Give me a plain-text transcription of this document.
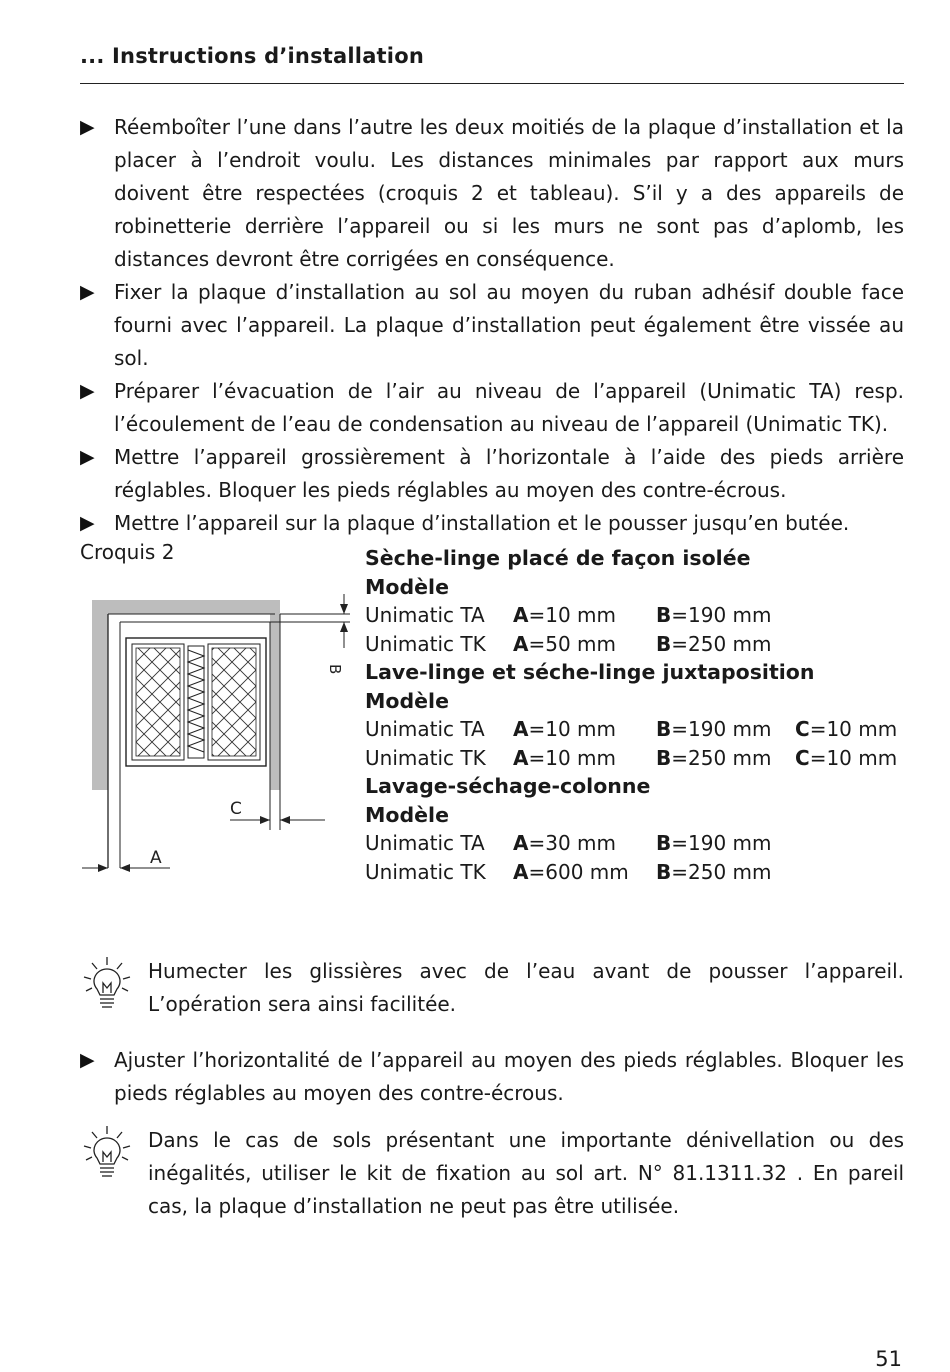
... Instructions d’installation
▶ Réemboîter l’une dans l’autre les deux moitiés de la plaque d’installation et la placer à l’endroit voulu. Les distances minimales par rapport aux murs doivent être respectées (croquis 2 et tableau). S’il y a des appareils de robinetterie derrière l’appareil ou si les murs ne sont pas d’aplomb, les distances devront être corrigées en conséquence.
▶ Fixer la plaque d’installation au sol au moyen du ruban adhésif double face fourni avec l’appareil. La plaque d’installation peut également être vissée au sol.
▶ Préparer l’évacuation de l’air au niveau de l’appareil (Unimatic TA) resp. l’écoulement de l’eau de condensation au niveau de l’appareil (Unimatic TK).
▶ Mettre l’appareil grossièrement à l’horizontale à l’aide des pieds arrière réglables. Bloquer les pieds réglables au moyen des contre-écrous.
▶ Mettre l’appareil sur la plaque d’installation et le pousser jusqu’en butée.
Croquis 2
B
C
A
Sèche-linge placé de façon isolée
Modèle
Unimatic TA	A=10 mm	B=190 mm
Unimatic TK	A=50 mm	B=250 mm
Lave-linge et séche-linge juxtaposition
Modèle
Unimatic TA	A=10 mm	B=190 mm	C=10 mm
Unimatic TK	A=10 mm	B=250 mm	C=10 mm
Lavage-séchage-colonne
Modèle
Unimatic TA	A=30 mm	B=190 mm
Unimatic TK	A=600 mm	B=250 mm
Humecter les glissières avec de l’eau avant de pousser l’appareil. L’opération sera ainsi facilitée.
▶ Ajuster l’horizontalité de l’appareil au moyen des pieds réglables. Bloquer les pieds réglables au moyen des contre-écrous.
Dans le cas de sols présentant une importante dénivellation ou des inégalités, utiliser le kit de fixation au sol art. N° 81.1311.32 . En pareil cas, la plaque d’installation ne peut pas être utilisée.
51
